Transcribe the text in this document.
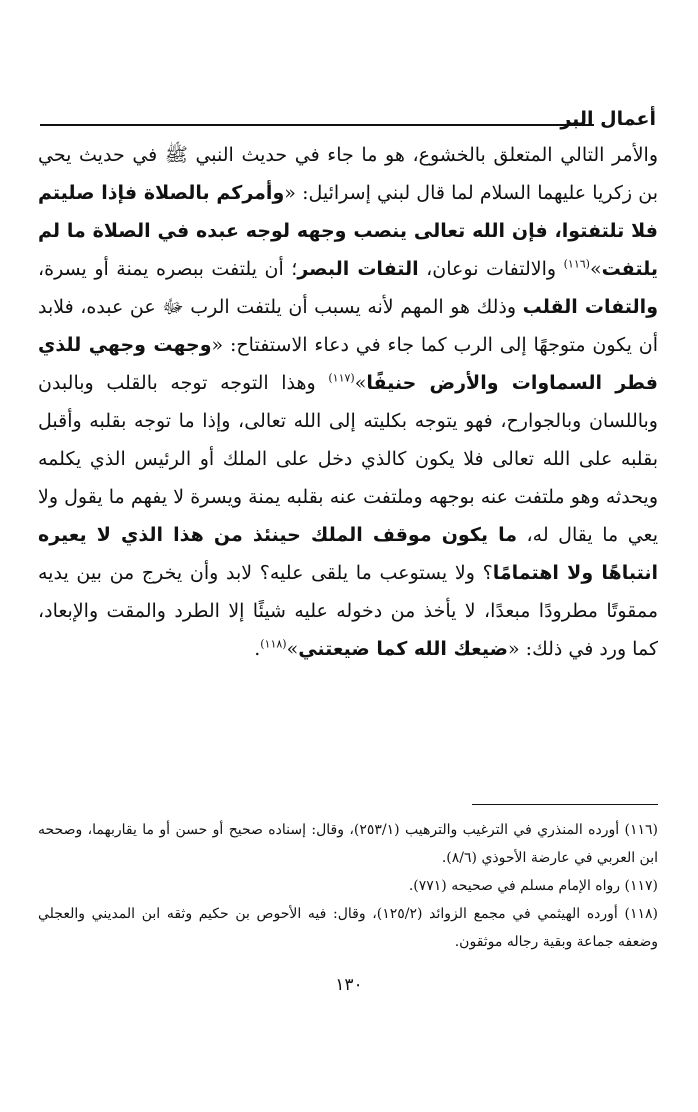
أعمال البر

والأمر التالي المتعلق بالخشوع، هو ما جاء في حديث النبي ﷺ في حديث يحي بن زكريا عليهما السلام لما قال لبني إسرائيل: «وأمركم بالصلاة فإذا صليتم فلا تلتفتوا، فإن الله تعالى ينصب وجهه لوجه عبده في الصلاة ما لم يلتفت»$^{(١١٦)}$ والالتفات نوعان، التفات البصر؛ أن يلتفت ببصره يمنة أو يسرة، والتفات القلب وذلك هو المهم لأنه يسبب أن يلتفت الرب ﷻ عن عبده، فلابد أن يكون متوجهًا إلى الرب كما جاء في دعاء الاستفتاح: «وجهت وجهي للذي فطر السماوات والأرض حنيفًا»$^{(١١٧)}$ وهذا التوجه توجه بالقلب وبالبدن وباللسان وبالجوارح، فهو يتوجه بكليته إلى الله تعالى، وإذا ما توجه بقلبه وأقبل بقلبه على الله تعالى فلا يكون كالذي دخل على الملك أو الرئيس الذي يكلمه ويحدثه وهو ملتفت عنه بوجهه وملتفت عنه بقلبه يمنة ويسرة لا يفهم ما يقول ولا يعي ما يقال له، ما يكون موقف الملك حينئذ من هذا الذي لا يعيره انتباهًا ولا اهتمامًا؟ ولا يستوعب ما يلقى عليه؟ لابد وأن يخرج من بين يديه ممقوتًا مطرودًا مبعدًا، لا يأخذ من دخوله عليه شيئًا إلا الطرد والمقت والإبعاد، كما ورد في ذلك: «ضيعك الله كما ضيعتني»$^{(١١٨)}$.

(١١٦) أورده المنذري في الترغيب والترهيب (٢٥٣/١)، وقال: إسناده صحيح أو حسن أو ما يقاربهما، وصححه ابن العربي في عارضة الأحوذي (٨/٦).

(١١٧) رواه الإمام مسلم في صحيحه (٧٧١).

(١١٨) أورده الهيثمي في مجمع الزوائد (١٢٥/٢)، وقال: فيه الأحوص بن حكيم وثقه ابن المديني والعجلي وضعفه جماعة وبقية رجاله موثقون.

١٣٠
